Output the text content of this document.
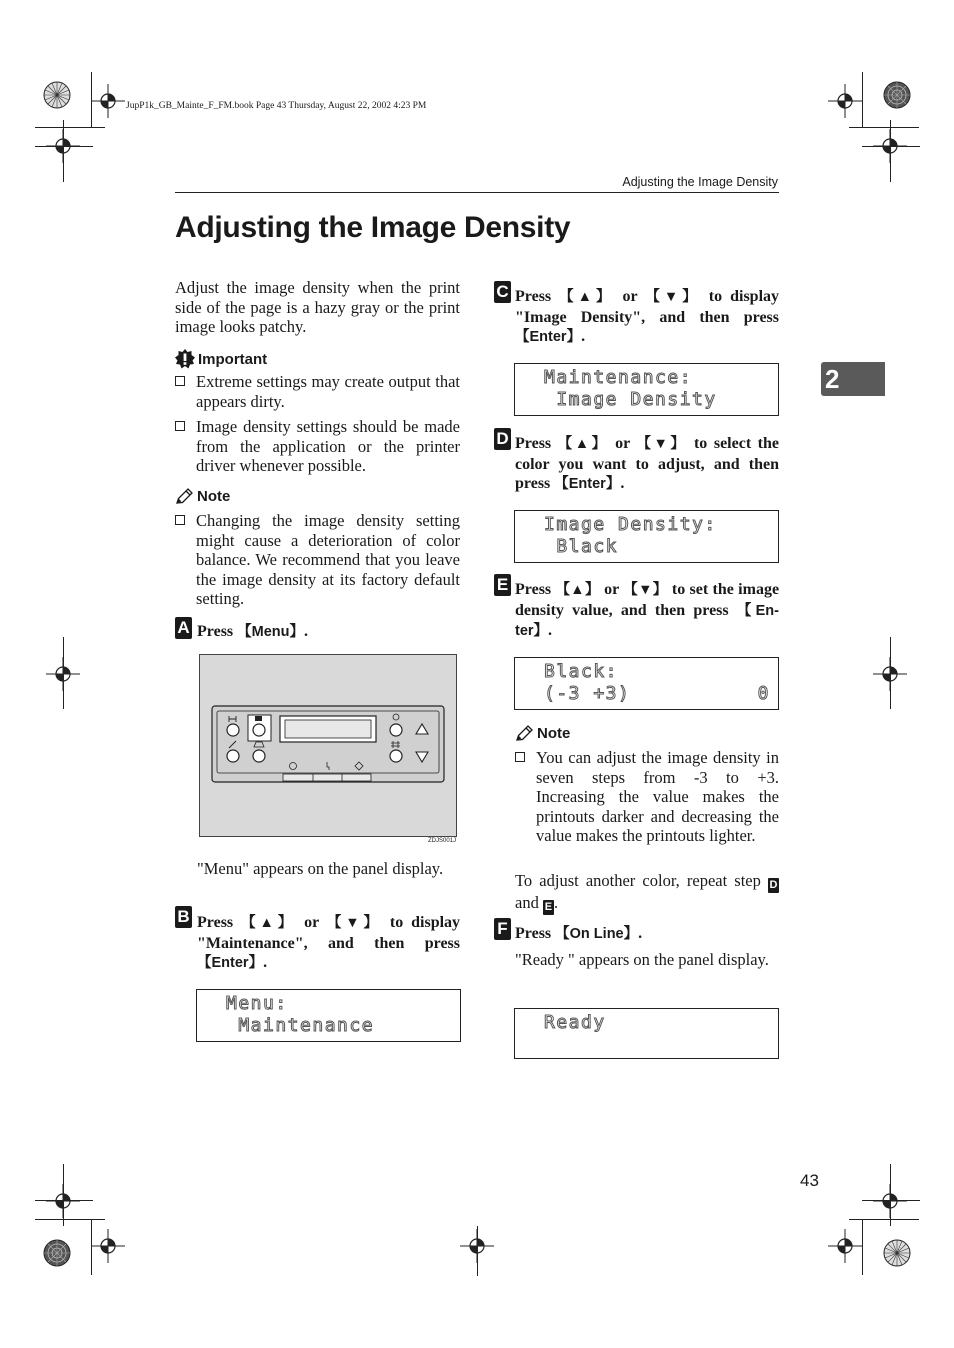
JupP1k_GB_Mainte_F_FM.book Page 43 Thursday, August 22, 2002 4:23 PM
Adjusting the Image Density
Adjusting the Image Density
2
Adjust the image density when the print side of the page is a hazy gray or the print image looks patchy.
Important
Extreme settings may create output that appears dirty.
Image density settings should be made from the application or the printer driver whenever possible.
Note
Changing the image density setting might cause a deterioration of color balance. We recommend that you leave the image density at its factory default setting.
A Press 【Menu】.
ZDJS001J
"Menu" appears on the panel display.
B Press 【▲】 or 【▼】 to display "Maintenance", and then press 【Enter】.
Menu:
Maintenance
C Press 【▲】 or 【▼】 to display "Image Density", and then press 【Enter】.
Maintenance:
Image Density
D Press 【▲】 or 【▼】 to select the color you want to adjust, and then press 【Enter】.
Image Density:
Black
E Press 【▲】 or 【▼】 to set the image density value, and then press 【En-ter】.
Black:
(-3 +3)	0
Note
You can adjust the image density in seven steps from -3 to +3. Increasing the value makes the printouts darker and decreasing the value makes the printouts lighter.
To adjust another color, repeat step D and E .
F Press 【On Line】.
"Ready " appears on the panel display.
Ready
43
